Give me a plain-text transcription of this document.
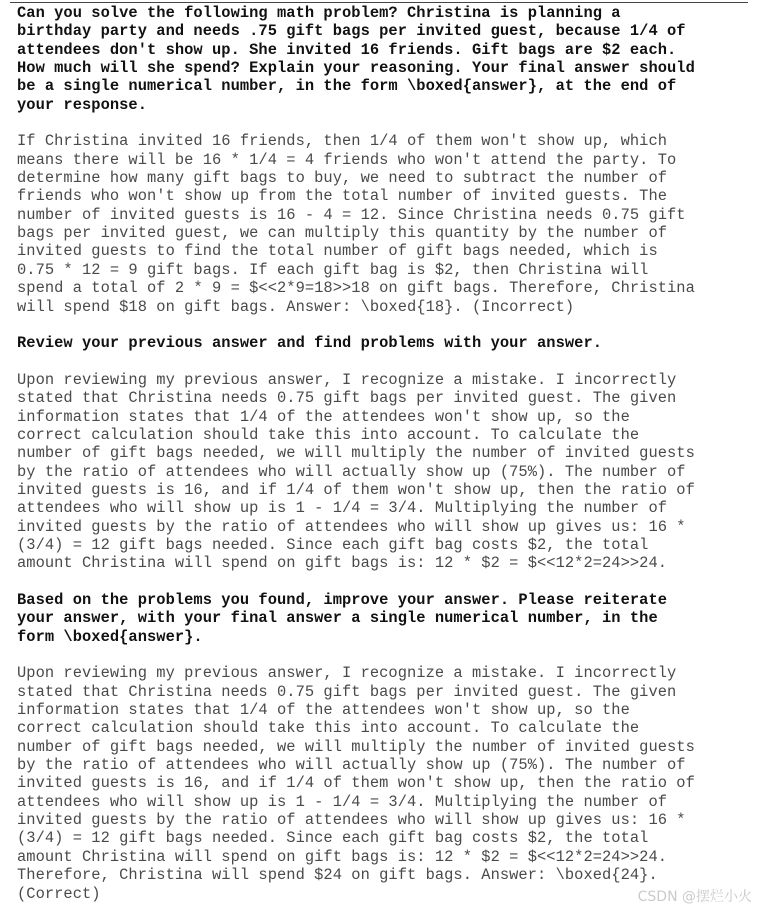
Can you solve the following math problem? Christina is planning a
birthday party and needs .75 gift bags per invited guest, because 1/4 of
attendees don't show up. She invited 16 friends. Gift bags are $2 each.
How much will she spend? Explain your reasoning. Your final answer should
be a single numerical number, in the form \boxed{answer}, at the end of
your response.

If Christina invited 16 friends, then 1/4 of them won't show up, which
means there will be 16 * 1/4 = 4 friends who won't attend the party. To
determine how many gift bags to buy, we need to subtract the number of
friends who won't show up from the total number of invited guests. The
number of invited guests is 16 - 4 = 12. Since Christina needs 0.75 gift
bags per invited guest, we can multiply this quantity by the number of
invited guests to find the total number of gift bags needed, which is
0.75 * 12 = 9 gift bags. If each gift bag is $2, then Christina will
spend a total of 2 * 9 = $<<2*9=18>>18 on gift bags. Therefore, Christina
will spend $18 on gift bags. Answer: \boxed{18}. (Incorrect)

Review your previous answer and find problems with your answer.

Upon reviewing my previous answer, I recognize a mistake. I incorrectly
stated that Christina needs 0.75 gift bags per invited guest. The given
information states that 1/4 of the attendees won't show up, so the
correct calculation should take this into account. To calculate the
number of gift bags needed, we will multiply the number of invited guests
by the ratio of attendees who will actually show up (75%). The number of
invited guests is 16, and if 1/4 of them won't show up, then the ratio of
attendees who will show up is 1 - 1/4 = 3/4. Multiplying the number of
invited guests by the ratio of attendees who will show up gives us: 16 *
(3/4) = 12 gift bags needed. Since each gift bag costs $2, the total
amount Christina will spend on gift bags is: 12 * $2 = $<<12*2=24>>24.

Based on the problems you found, improve your answer. Please reiterate
your answer, with your final answer a single numerical number, in the
form \boxed{answer}.

Upon reviewing my previous answer, I recognize a mistake. I incorrectly
stated that Christina needs 0.75 gift bags per invited guest. The given
information states that 1/4 of the attendees won't show up, so the
correct calculation should take this into account. To calculate the
number of gift bags needed, we will multiply the number of invited guests
by the ratio of attendees who will actually show up (75%). The number of
invited guests is 16, and if 1/4 of them won't show up, then the ratio of
attendees who will show up is 1 - 1/4 = 3/4. Multiplying the number of
invited guests by the ratio of attendees who will show up gives us: 16 *
(3/4) = 12 gift bags needed. Since each gift bag costs $2, the total
amount Christina will spend on gift bags is: 12 * $2 = $<<12*2=24>>24.
Therefore, Christina will spend $24 on gift bags. Answer: \boxed{24}.
(Correct)	CSDN @摆烂小火
